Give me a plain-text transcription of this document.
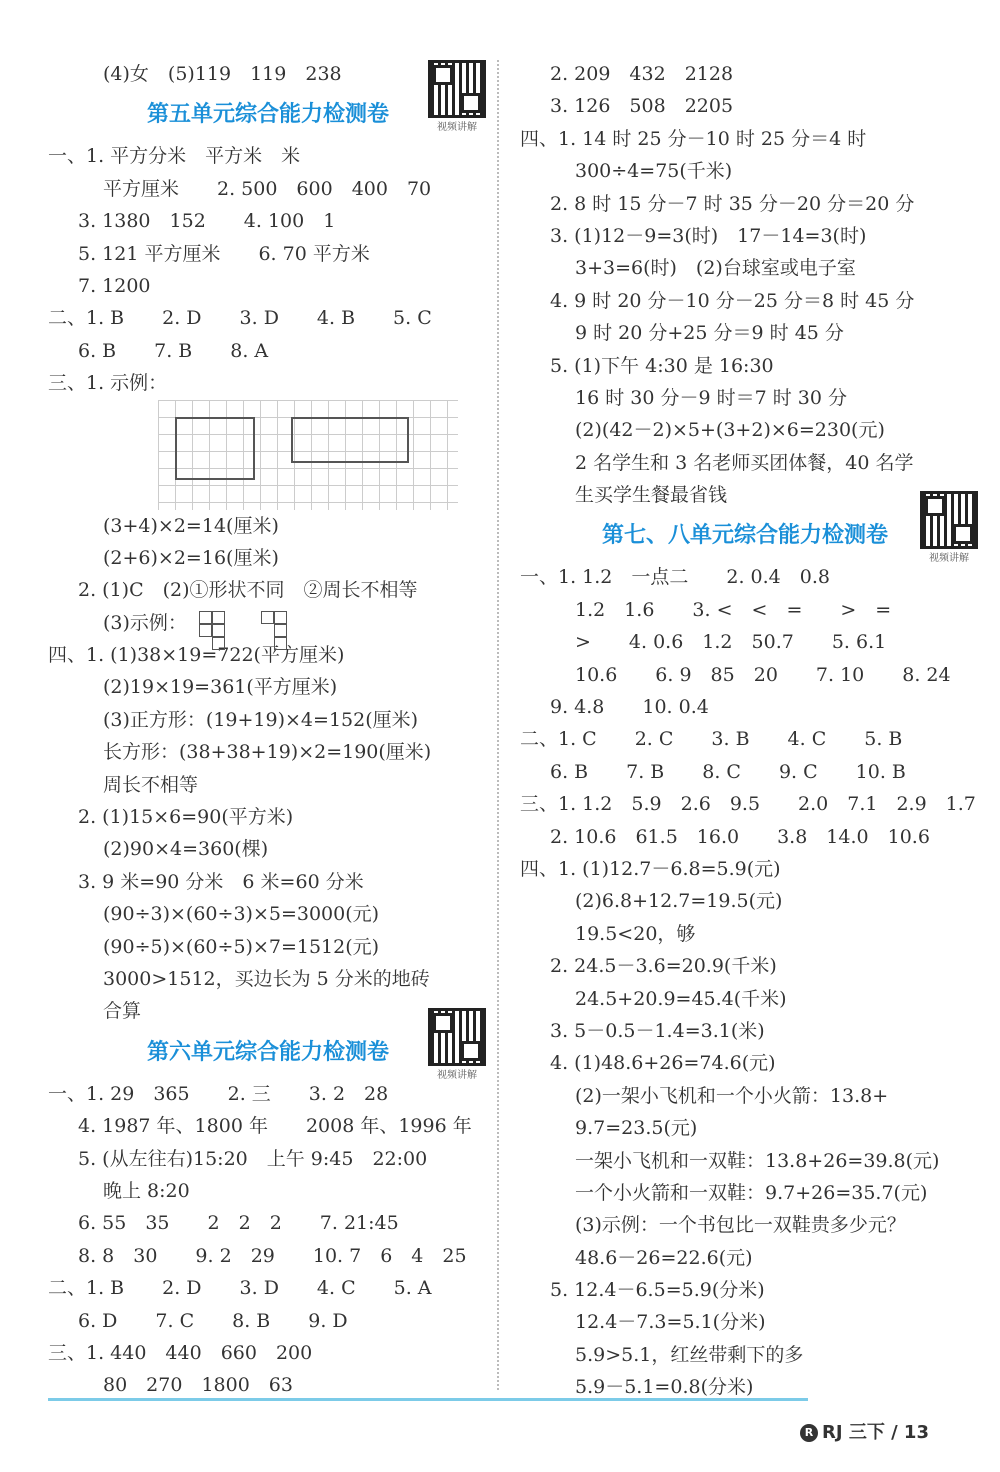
(4)女　(5)119　119　238
第五单元综合能力检测卷
视频讲解
一、1. 平方分米　平方米　米
平方厘米　　2. 500　600　400　70
3. 1380　152　　4. 100　1
5. 121 平方厘米　　6. 70 平方米
7. 1200
二、1. B　　2. D　　3. D　　4. B　　5. C
6. B　　7. B　　8. A
三、1. 示例：
(3+4)×2=14(厘米)
(2+6)×2=16(厘米)
2. (1)C　(2)①形状不同　②周长不相等
(3)示例：
四、1. (1)38×19=722(平方厘米)
(2)19×19=361(平方厘米)
(3)正方形：(19+19)×4=152(厘米)
长方形：(38+38+19)×2=190(厘米)
周长不相等
2. (1)15×6=90(平方米)
(2)90×4=360(棵)
3. 9 米=90 分米　6 米=60 分米
(90÷3)×(60÷3)×5=3000(元)
(90÷5)×(60÷5)×7=1512(元)
3000>1512，买边长为 5 分米的地砖
合算
第六单元综合能力检测卷
视频讲解
一、1. 29　365　　2. 三　　3. 2　28
4. 1987 年、1800 年　　2008 年、1996 年
5. (从左往右)15:20　上午 9:45　22:00
晚上 8:20
6. 55　35　　2　2　2　　7. 21:45
8. 8　30　　9. 2　29　　10. 7　6　4　25
二、1. B　　2. D　　3. D　　4. C　　5. A
6. D　　7. C　　8. B　　9. D
三、1. 440　440　660　200
80　270　1800　63
2. 209　432　2128
3. 126　508　2205
四、1. 14 时 25 分－10 时 25 分＝4 时
300÷4=75(千米)
2. 8 时 15 分－7 时 35 分－20 分＝20 分
3. (1)12－9=3(时)　17－14=3(时)
3+3=6(时)　(2)台球室或电子室
4. 9 时 20 分－10 分－25 分＝8 时 45 分
9 时 20 分+25 分＝9 时 45 分
5. (1)下午 4:30 是 16:30
16 时 30 分－9 时＝7 时 30 分
(2)(42－2)×5+(3+2)×6=230(元)
2 名学生和 3 名老师买团体餐，40 名学
生买学生餐最省钱
第七、八单元综合能力检测卷
视频讲解
一、1. 1.2　一点二　　2. 0.4　0.8
1.2　1.6　　3. <　<　=　　>　=
>　　4. 0.6　1.2　50.7　　5. 6.1
10.6　　6. 9　85　20　　7. 10　　8. 24
9. 4.8　　10. 0.4
二、1. C　　2. C　　3. B　　4. C　　5. B
6. B　　7. B　　8. C　　9. C　　10. B
三、1. 1.2　5.9　2.6　9.5　　2.0　7.1　2.9　1.7
2. 10.6　61.5　16.0　　3.8　14.0　10.6
四、1. (1)12.7－6.8=5.9(元)
(2)6.8+12.7=19.5(元)
19.5<20，够
2. 24.5－3.6=20.9(千米)
24.5+20.9=45.4(千米)
3. 5－0.5－1.4=3.1(米)
4. (1)48.6+26=74.6(元)
(2)一架小飞机和一个小火箭：13.8+
9.7=23.5(元)
一架小飞机和一双鞋：13.8+26=39.8(元)
一个小火箭和一双鞋：9.7+26=35.7(元)
(3)示例：一个书包比一双鞋贵多少元？
48.6－26=22.6(元)
5. 12.4－6.5=5.9(分米)
12.4－7.3=5.1(分米)
5.9>5.1，红丝带剩下的多
5.9－5.1=0.8(分米)
R RJ 三下 / 13
